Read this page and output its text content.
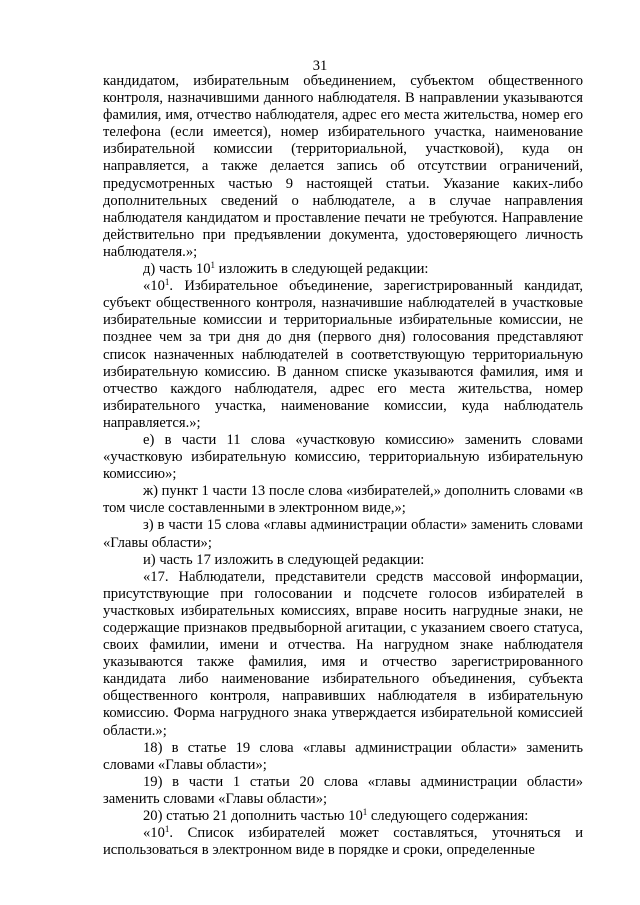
31

кандидатом, избирательным объединением, субъектом общественного контроля, назначившими данного наблюдателя. В направлении указываются фамилия, имя, отчество наблюдателя, адрес его места жительства, номер его телефона (если имеется), номер избирательного участка, наименование избирательной комиссии (территориальной, участковой), куда он направляется, а также делается запись об отсутствии ограничений, предусмотренных частью 9 настоящей статьи. Указание каких-либо дополнительных сведений о наблюдателе, а в случае направления наблюдателя кандидатом и проставление печати не требуются. Направление действительно при предъявлении документа, удостоверяющего личность наблюдателя.»;

д) часть $10^1$ изложить в следующей редакции:

«$10^1$. Избирательное объединение, зарегистрированный кандидат, субъект общественного контроля, назначившие наблюдателей в участковые избирательные комиссии и территориальные избирательные комиссии, не позднее чем за три дня до дня (первого дня) голосования представляют список назначенных наблюдателей в соответствующую территориальную избирательную комиссию. В данном списке указываются фамилия, имя и отчество каждого наблюдателя, адрес его места жительства, номер избирательного участка, наименование комиссии, куда наблюдатель направляется.»;

е) в части 11 слова «участковую комиссию» заменить словами «участковую избирательную комиссию, территориальную избирательную комиссию»;

ж) пункт 1 части 13 после слова «избирателей,» дополнить словами «в том числе составленными в электронном виде,»;

з) в части 15 слова «главы администрации области» заменить словами «Главы области»;

и) часть 17 изложить в следующей редакции:

«17. Наблюдатели, представители средств массовой информации, присутствующие при голосовании и подсчете голосов избирателей в участковых избирательных комиссиях, вправе носить нагрудные знаки, не содержащие признаков предвыборной агитации, с указанием своего статуса, своих фамилии, имени и отчества. На нагрудном знаке наблюдателя указываются также фамилия, имя и отчество зарегистрированного кандидата либо наименование избирательного объединения, субъекта общественного контроля, направивших наблюдателя в избирательную комиссию. Форма нагрудного знака утверждается избирательной комиссией области.»;

18) в статье 19 слова «главы администрации области» заменить словами «Главы области»;

19) в части 1 статьи 20 слова «главы администрации области» заменить словами «Главы области»;

20) статью 21 дополнить частью $10^1$ следующего содержания:

«$10^1$. Список избирателей может составляться, уточняться и использоваться в электронном виде в порядке и сроки, определенные
